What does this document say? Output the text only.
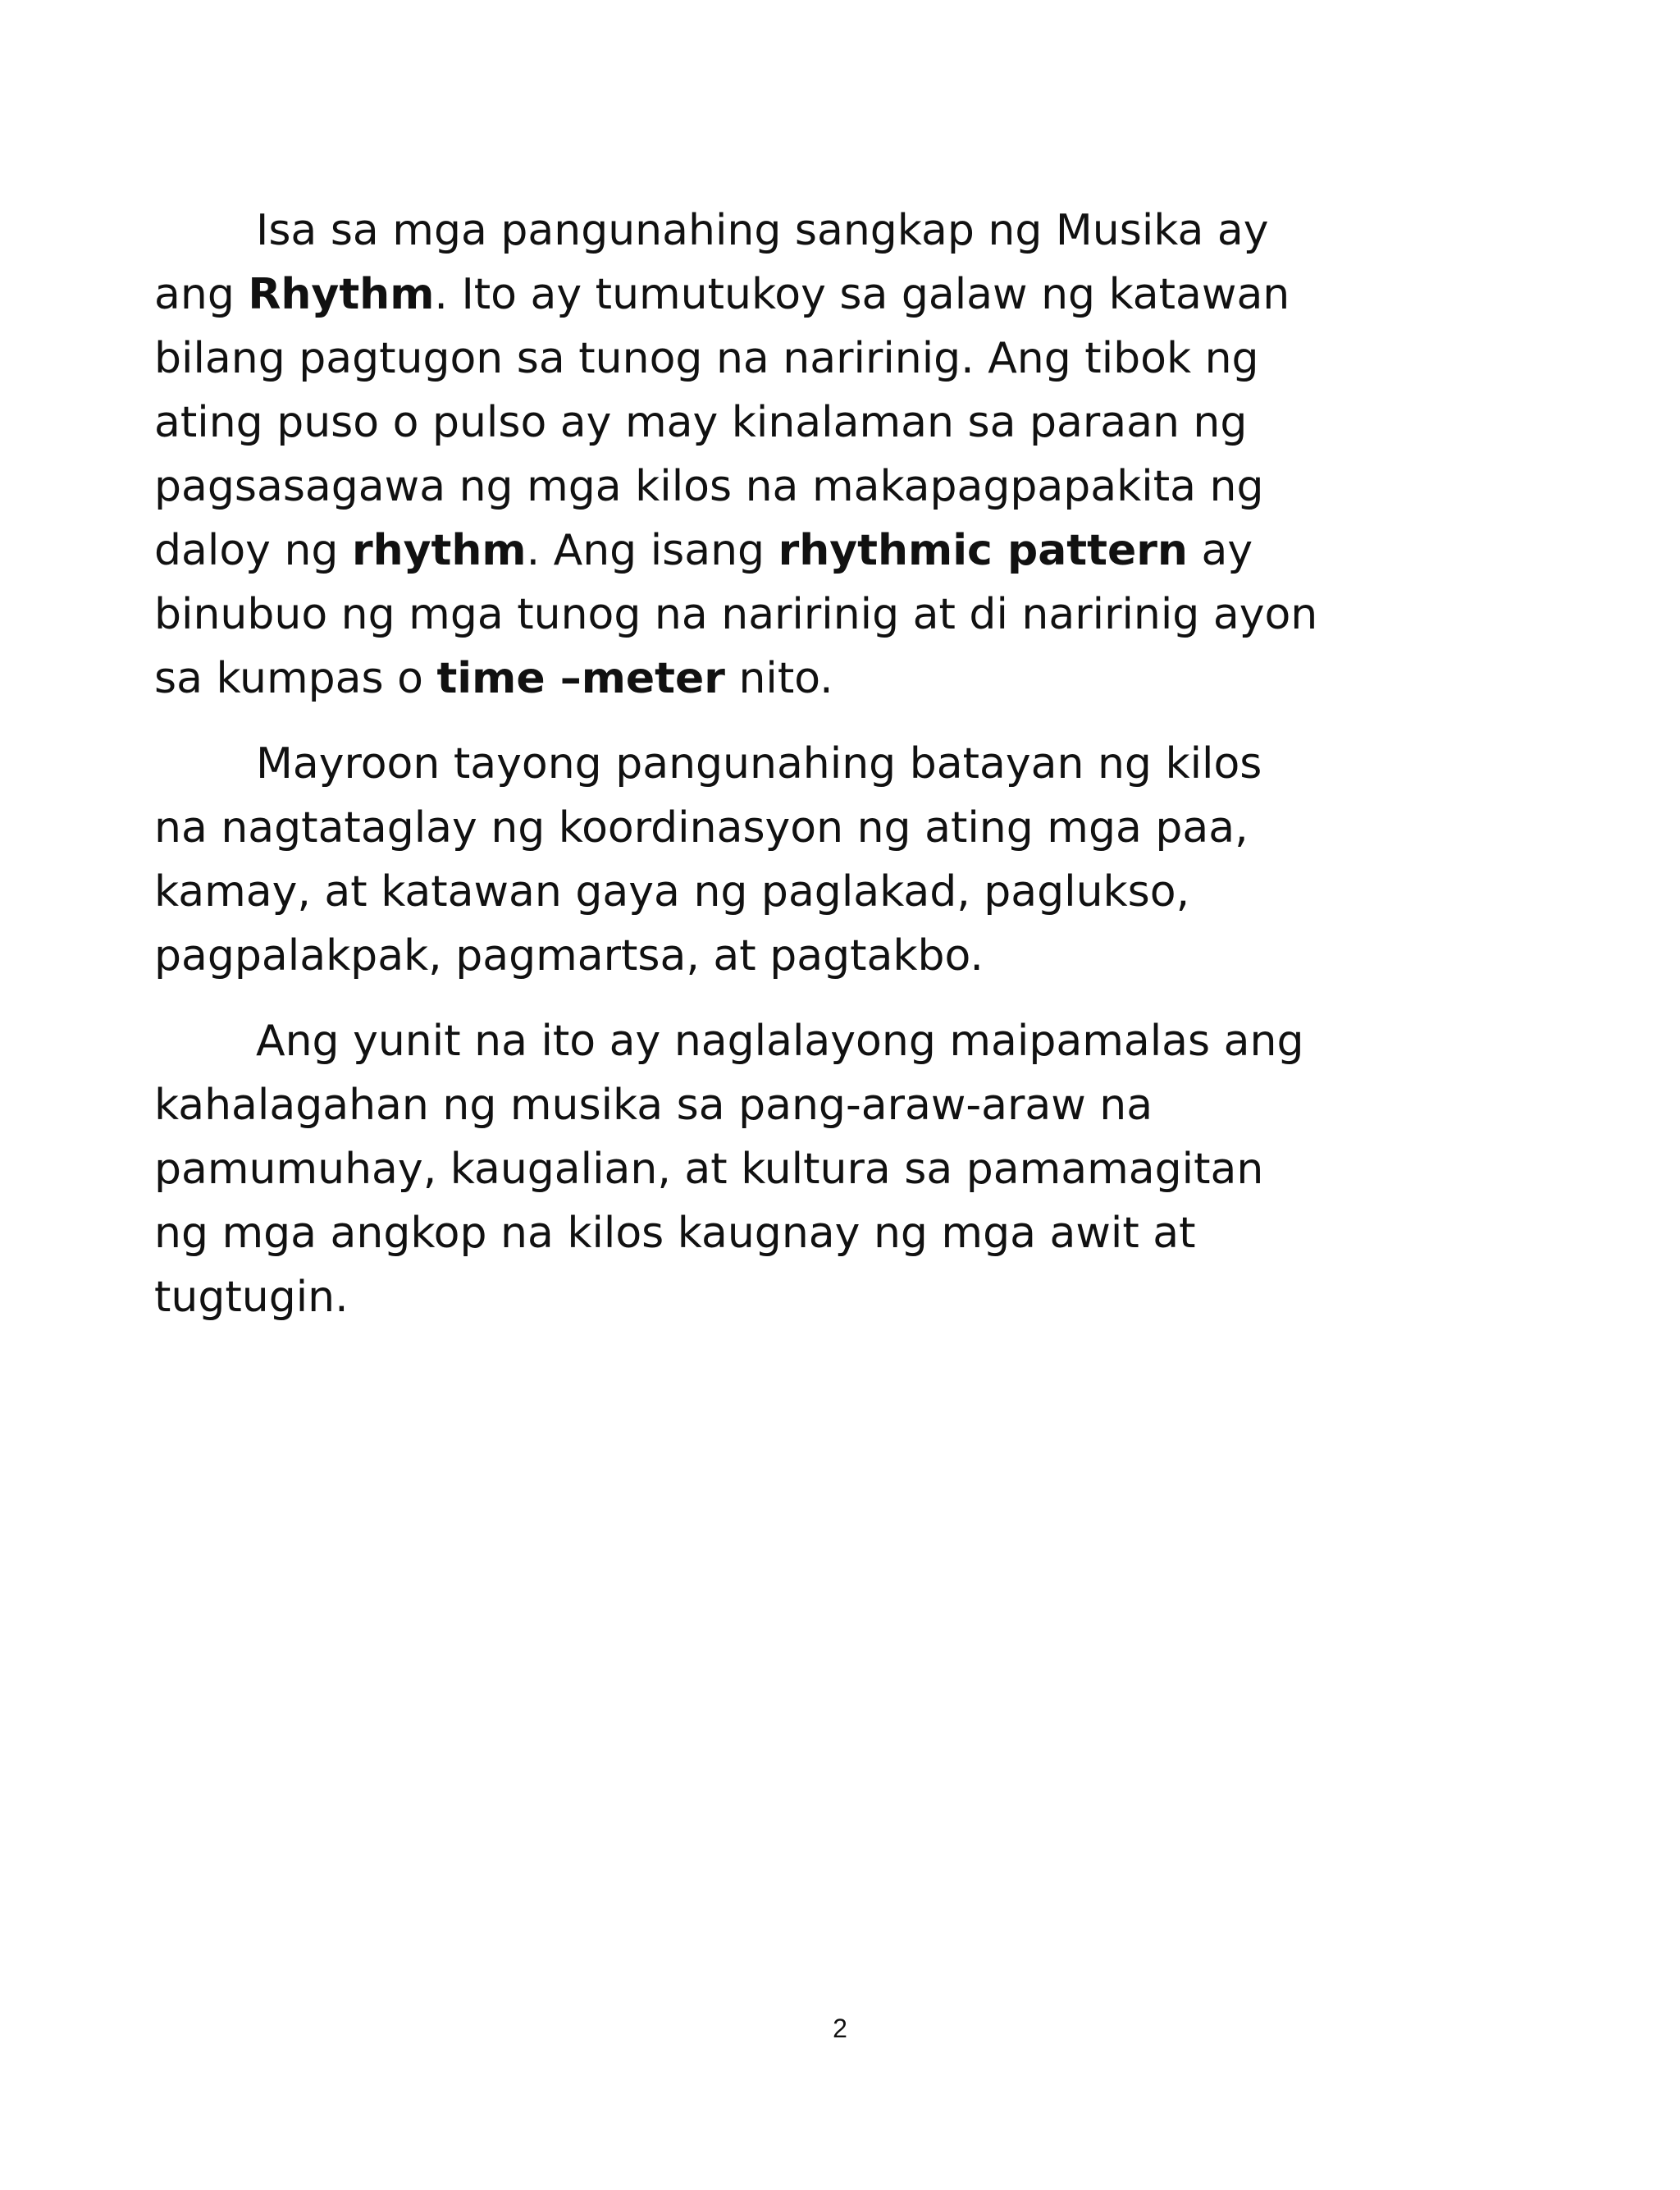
Isa sa mga pangunahing sangkap ng Musika ay
ang Rhythm. Ito ay tumutukoy sa galaw ng katawan
bilang pagtugon sa tunog na naririnig. Ang tibok ng
ating puso o pulso ay may kinalaman sa paraan ng
pagsasagawa ng mga kilos na makapagpapakita ng
daloy ng rhythm. Ang isang rhythmic pattern ay
binubuo ng mga tunog na naririnig at di naririnig ayon
sa kumpas o time –meter nito.

Mayroon tayong pangunahing batayan ng kilos
na nagtataglay ng koordinasyon ng ating mga paa,
kamay, at katawan gaya ng paglakad, paglukso,
pagpalakpak, pagmartsa, at pagtakbo.

Ang yunit na ito ay naglalayong maipamalas ang
kahalagahan ng musika sa pang-araw-araw na
pamumuhay, kaugalian, at kultura sa pamamagitan
ng mga angkop na kilos kaugnay ng mga awit at
tugtugin.

2
